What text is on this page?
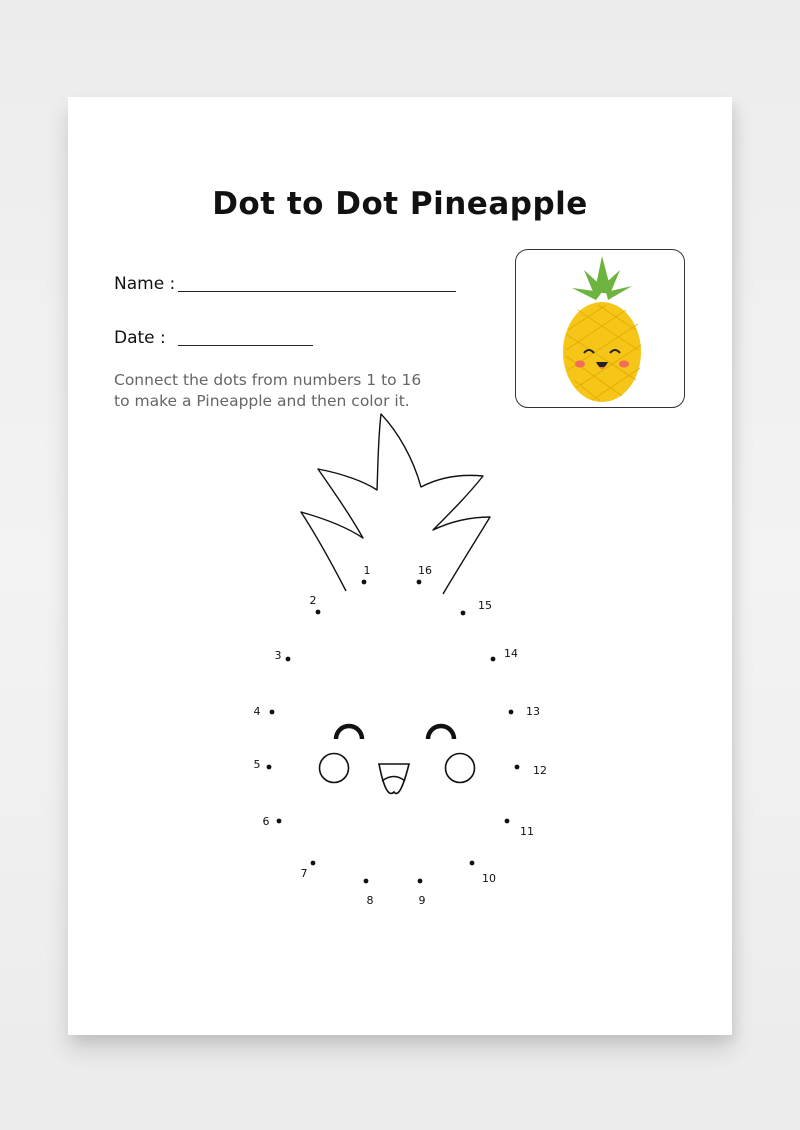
Dot to Dot Pineapple
Name :
Date :
Connect the dots from numbers 1 to 16
to make a Pineapple and then color it.
1
2
3
4
5
6
7
8	9
10
11
12
13
14
15
16
